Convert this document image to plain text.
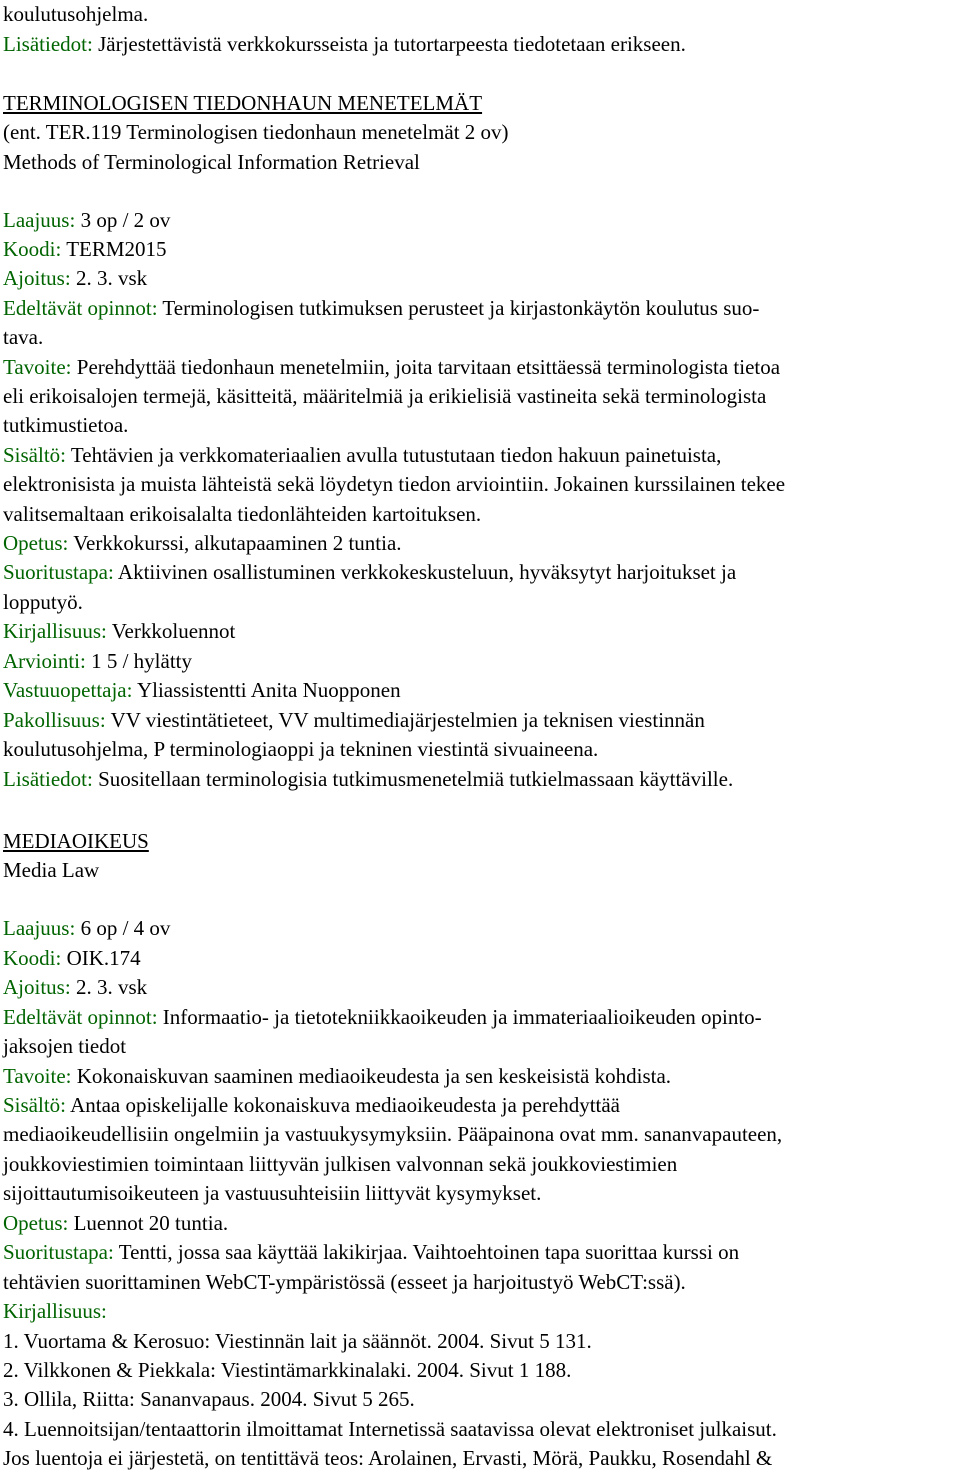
koulutusohjelma.
Lisätiedot: Järjestettävistä verkkokursseista ja tutortarpeesta tiedotetaan erikseen.
TERMINOLOGISEN TIEDONHAUN MENETELMÄT
(ent. TER.119 Terminologisen tiedonhaun menetelmät 2 ov)
Methods of Terminological Information Retrieval
Laajuus: 3 op / 2 ov
Koodi: TERM2015
Ajoitus: 2. 3. vsk
Edeltävät opinnot: Terminologisen tutkimuksen perusteet ja kirjastonkäytön koulutus suo-
tava.
Tavoite: Perehdyttää tiedonhaun menetelmiin, joita tarvitaan etsittäessä terminologista tietoa
eli erikoisalojen termejä, käsitteitä, määritelmiä ja erikielisiä vastineita sekä terminologista
tutkimustietoa.
Sisältö: Tehtävien ja verkkomateriaalien avulla tutustutaan tiedon hakuun painetuista,
elektronisista ja muista lähteistä sekä löydetyn tiedon arviointiin. Jokainen kurssilainen tekee
valitsemaltaan erikoisalalta tiedonlähteiden kartoituksen.
Opetus: Verkkokurssi, alkutapaaminen 2 tuntia.
Suoritustapa: Aktiivinen osallistuminen verkkokeskusteluun, hyväksytyt harjoitukset ja
lopputyö.
Kirjallisuus: Verkkoluennot
Arviointi: 1 5 / hylätty
Vastuuopettaja: Yliassistentti Anita Nuopponen
Pakollisuus: VV viestintätieteet, VV multimediajärjestelmien ja teknisen viestinnän
koulutusohjelma, P terminologiaoppi ja tekninen viestintä sivuaineena.
Lisätiedot: Suositellaan terminologisia tutkimusmenetelmiä tutkielmassaan käyttäville.
MEDIAOIKEUS
Media Law
Laajuus: 6 op / 4 ov
Koodi: OIK.174
Ajoitus: 2. 3. vsk
Edeltävät opinnot: Informaatio- ja tietotekniikkaoikeuden ja immateriaalioikeuden opinto-
jaksojen tiedot
Tavoite: Kokonaiskuvan saaminen mediaoikeudesta ja sen keskeisistä kohdista.
Sisältö: Antaa opiskelijalle kokonaiskuva mediaoikeudesta ja perehdyttää
mediaoikeudellisiin ongelmiin ja vastuukysymyksiin. Pääpainona ovat mm. sananvapauteen,
joukkoviestimien toimintaan liittyvän julkisen valvonnan sekä joukkoviestimien
sijoittautumisoikeuteen ja vastuusuhteisiin liittyvät kysymykset.
Opetus: Luennot 20 tuntia.
Suoritustapa: Tentti, jossa saa käyttää lakikirjaa. Vaihtoehtoinen tapa suorittaa kurssi on
tehtävien suorittaminen WebCT-ympäristössä (esseet ja harjoitustyö WebCT:ssä).
Kirjallisuus:
1. Vuortama & Kerosuo: Viestinnän lait ja säännöt. 2004. Sivut 5 131.
2. Vilkkonen & Piekkala: Viestintämarkkinalaki. 2004. Sivut 1 188.
3. Ollila, Riitta: Sananvapaus. 2004. Sivut 5 265.
4. Luennoitsijan/tentaattorin ilmoittamat Internetissä saatavissa olevat elektroniset julkaisut.
Jos luentoja ei järjestetä, on tentittävä teos: Arolainen, Ervasti, Mörä, Paukku, Rosendahl &
